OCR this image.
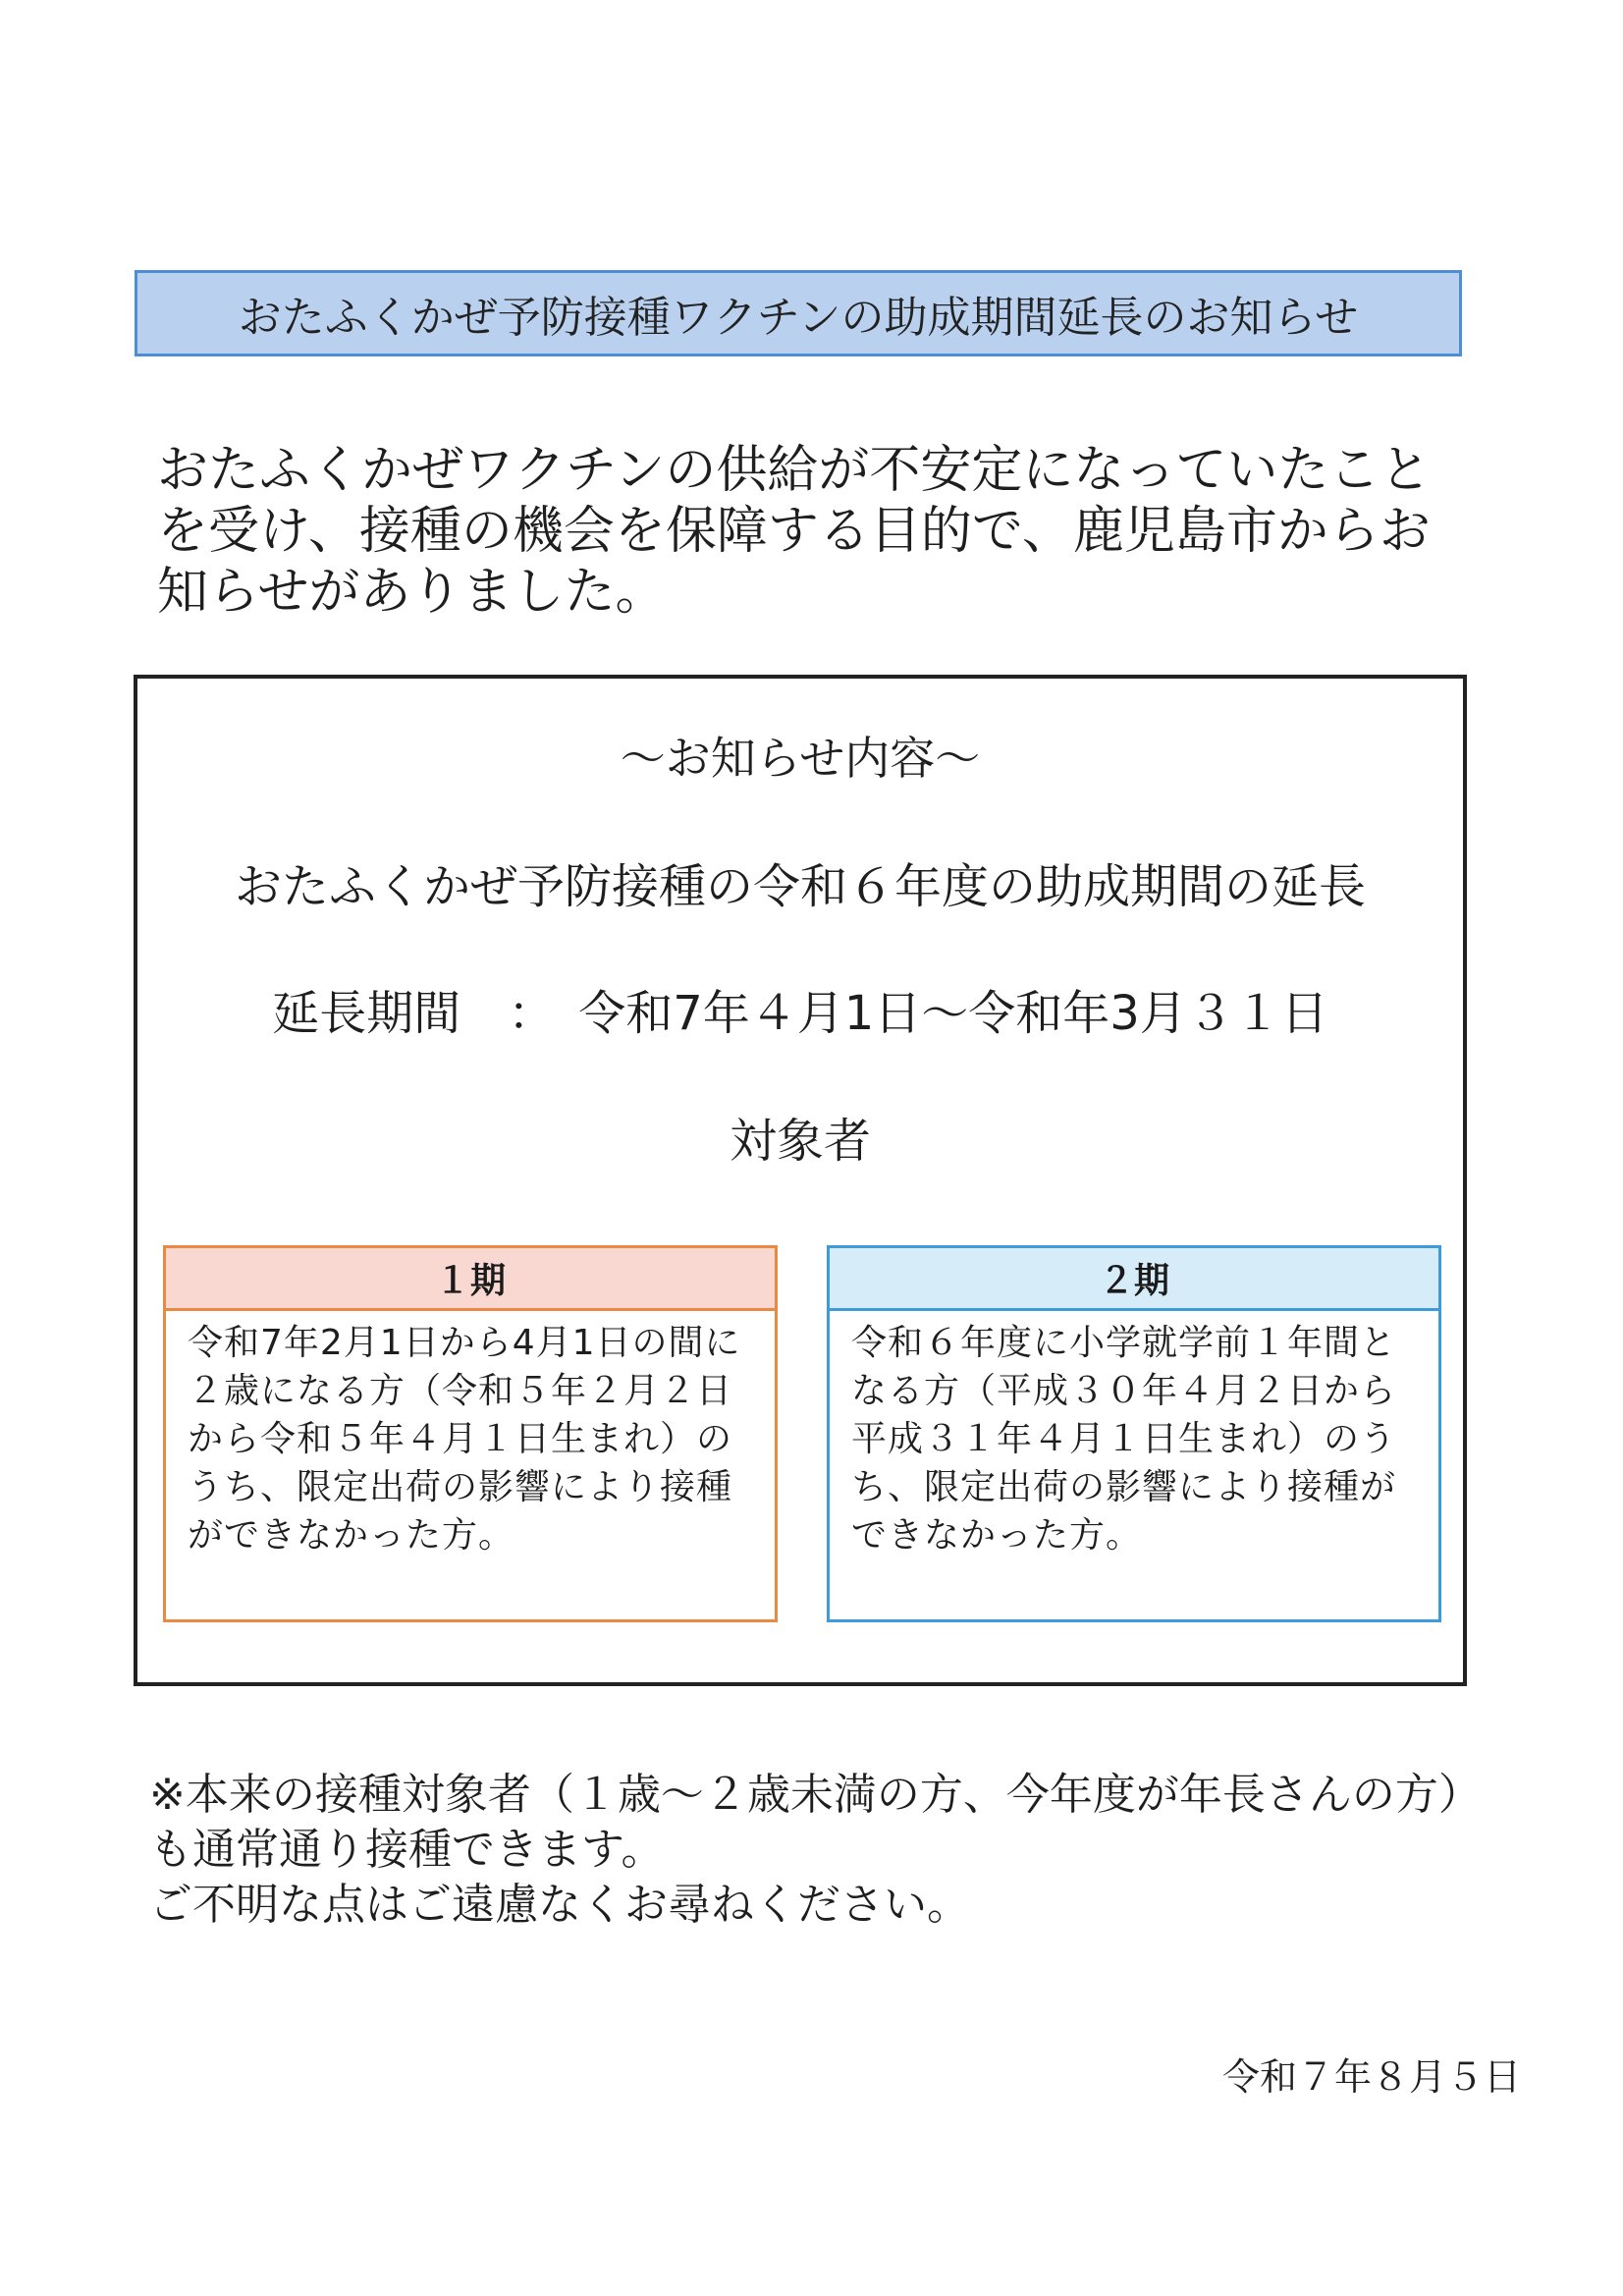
おたふくかぜ予防接種ワクチンの助成期間延長のお知らせ
おたふくかぜワクチンの供給が不安定になっていたことを受け、接種の機会を保障する目的で、鹿児島市からお知らせがありました。
～お知らせ内容～
おたふくかぜ予防接種の令和６年度の助成期間の延長
延長期間　：　令和7年４月1日～令和年3月３１日
対象者
１期
令和7年2月1日から4月1日の間に２歳になる方（令和５年２月２日から令和５年４月１日生まれ）のうち、限定出荷の影響により接種ができなかった方。
２期
令和６年度に小学就学前１年間となる方（平成３０年４月２日から平成３１年４月１日生まれ）のうち、限定出荷の影響により接種ができなかった方。
※本来の接種対象者（１歳～２歳未満の方、今年度が年長さんの方）も通常通り接種できます。
ご不明な点はご遠慮なくお尋ねください。
令和７年８月５日
